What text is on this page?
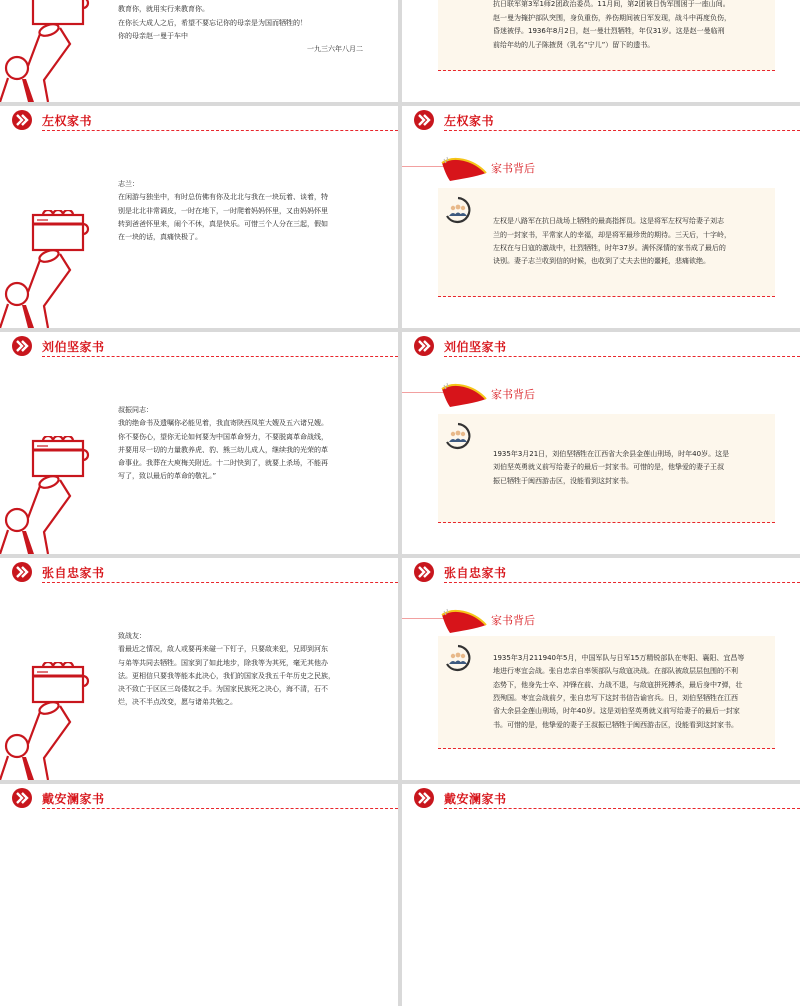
教育你，就用实行来教育你。
在你长大成人之后，希望不要忘记你的母亲是为国而牺牲的！
你的母亲赵一曼于车中
一九三六年八月二
抗日联军第3军1师2团政治委员。11月间，第2团被日伪军围困于一座山间。
赵一曼为掩护部队突围，身负重伤，养伤期间被日军发现，战斗中再度负伤，
昏迷被俘。1936年8月2日，赵一曼壮烈牺牲，年仅31岁。这是赵一曼临刑
前给年幼的儿子陈掖贤（乳名“宁儿”）留下的遗书。
左权家书
志兰：
在闲游与独坐中，有时总仿佛有你及北北与我在一块玩着、谈着，特
别是北北非常调皮，一时在地下，一时爬着妈妈怀里，又由妈妈怀里
转到爸爸怀里来，闹个不休，真是快乐。可惜三个人分在三起，假如
在一块的话，真痛快极了。
左权家书
家书背后
左权是八路军在抗日战场上牺牲的最高指挥员。这是将军左权写给妻子刘志
兰的一封家书，平常家人的幸福，却是将军最珍贵的期待。三天后，十字岭，
左权在与日寇的激战中，壮烈牺牲，时年37岁。满怀深情的家书成了最后的
诀别。妻子志兰收到信的时候，也收到了丈夫去世的噩耗，悲痛欲绝。
刘伯坚家书
叔振同志：
我的绝命书及遗嘱你必能见着，我直寄陕西凤笙大嫂及五六诸兄嫂。
你不要伤心，望你无论如何要为中国革命努力，不要脱离革命战线，
并要用尽一切的力量教养虎、豹、熊三幼儿成人，继续我的光荣的革
命事业。我葬在大庾梅关附近。十二时快到了，就要上杀场，不能再
写了，致以最后的革命的敬礼。”
刘伯坚家书
家书背后
1935年3月21日，刘伯坚牺牲在江西省大余县金莲山刑场，时年40岁。这是
刘伯坚英勇就义前写给妻子的最后一封家书。可惜的是，他挚爱的妻子王叔
振已牺牲于闽西游击区，没能看到这封家书。
张自忠家书
致战友：
看最近之情况，敌人或要再来碰一下钉子，只要敌来犯，兄即到河东
与弟等共同去牺牲。国家到了如此地步，除我等为其死，毫无其他办
法。更相信只要我等能本此决心，我们的国家及我五千年历史之民族，
决不致亡于区区三岛倭奴之手。为国家民族死之决心，海不清，石不
烂，决不半点改变，愿与诸弟共勉之。
张自忠家书
家书背后
1935年3月211940年5月，中国军队与日军15万精锐部队在枣阳、襄阳、宜昌等
地进行枣宜会战。张自忠亲自率领部队与敌寇决战。在部队被敌层层包围的不利
态势下，他身先士卒、冲锋在前、力战不退，与敌寇拼死搏杀，最后身中7弹，壮
烈殉国。枣宜会战前夕，张自忠写下这封书信告谕官兵。日，刘伯坚牺牲在江西
省大余县金莲山刑场，时年40岁。这是刘伯坚英勇就义前写给妻子的最后一封家
书。可惜的是，他挚爱的妻子王叔振已牺牲于闽西游击区，没能看到这封家书。
戴安澜家书	戴安澜家书
